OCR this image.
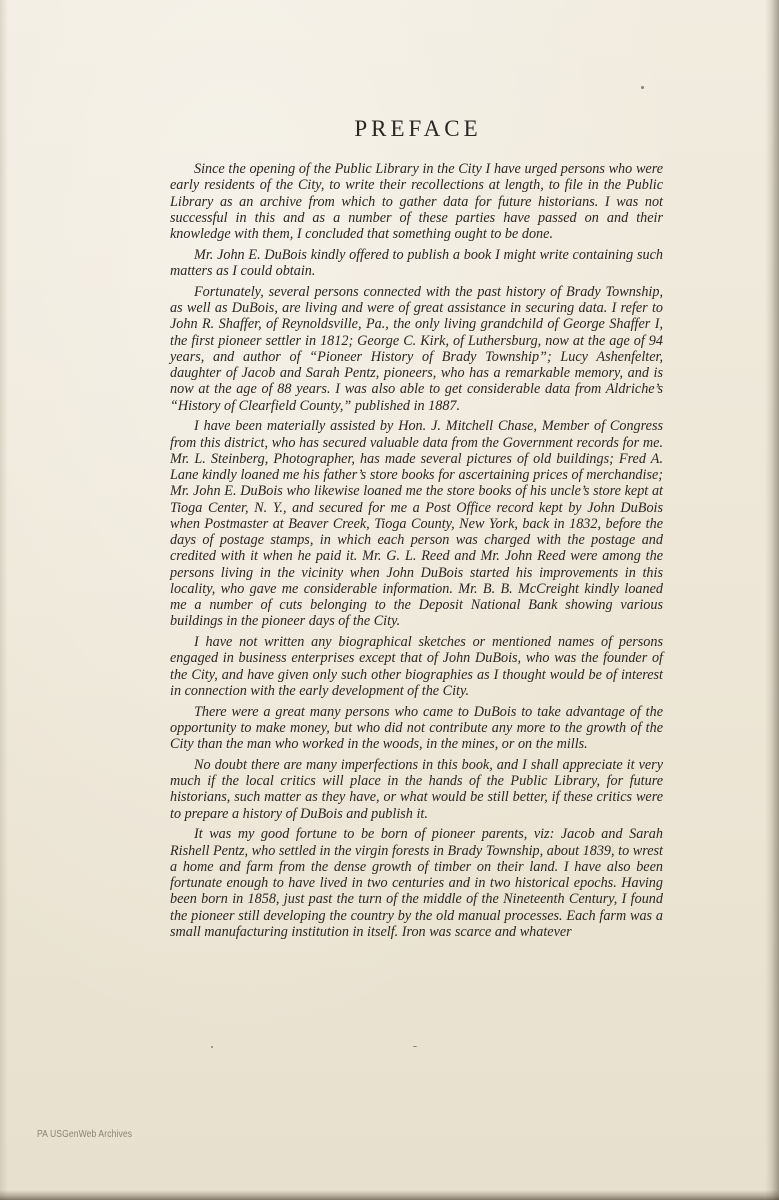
PREFACE

Since the opening of the Public Library in the City I have urged persons who were early residents of the City, to write their recollections at length, to file in the Public Library as an archive from which to gather data for future historians. I was not successful in this and as a number of these parties have passed on and their knowledge with them, I concluded that something ought to be done.

Mr. John E. DuBois kindly offered to publish a book I might write containing such matters as I could obtain.

Fortunately, several persons connected with the past history of Brady Township, as well as DuBois, are living and were of great assistance in securing data. I refer to John R. Shaffer, of Reynoldsville, Pa., the only living grandchild of George Shaffer I, the first pioneer settler in 1812; George C. Kirk, of Luthersburg, now at the age of 94 years, and author of “Pioneer History of Brady Township”; Lucy Ashenfelter, daughter of Jacob and Sarah Pentz, pioneers, who has a remarkable memory, and is now at the age of 88 years. I was also able to get considerable data from Aldriche’s “History of Clearfield County,” published in 1887.

I have been materially assisted by Hon. J. Mitchell Chase, Member of Congress from this district, who has secured valuable data from the Government records for me. Mr. L. Steinberg, Photographer, has made several pictures of old buildings; Fred A. Lane kindly loaned me his father’s store books for ascertaining prices of merchandise; Mr. John E. DuBois who likewise loaned me the store books of his uncle’s store kept at Tioga Center, N. Y., and secured for me a Post Office record kept by John DuBois when Postmaster at Beaver Creek, Tioga County, New York, back in 1832, before the days of postage stamps, in which each person was charged with the postage and credited with it when he paid it. Mr. G. L. Reed and Mr. John Reed were among the persons living in the vicinity when John DuBois started his improvements in this locality, who gave me considerable information. Mr. B. B. McCreight kindly loaned me a number of cuts belonging to the Deposit National Bank showing various buildings in the pioneer days of the City.

I have not written any biographical sketches or mentioned names of persons engaged in business enterprises except that of John DuBois, who was the founder of the City, and have given only such other biographies as I thought would be of interest in connection with the early development of the City.

There were a great many persons who came to DuBois to take advantage of the opportunity to make money, but who did not contribute any more to the growth of the City than the man who worked in the woods, in the mines, or on the mills.

No doubt there are many imperfections in this book, and I shall appreciate it very much if the local critics will place in the hands of the Public Library, for future historians, such matter as they have, or what would be still better, if these critics were to prepare a history of DuBois and publish it.

It was my good fortune to be born of pioneer parents, viz: Jacob and Sarah Rishell Pentz, who settled in the virgin forests in Brady Township, about 1839, to wrest a home and farm from the dense growth of timber on their land. I have also been fortunate enough to have lived in two centuries and in two historical epochs. Having been born in 1858, just past the turn of the middle of the Nineteenth Century, I found the pioneer still developing the country by the old manual processes. Each farm was a small manufacturing institution in itself. Iron was scarce and whatever

PA USGenWeb Archives
